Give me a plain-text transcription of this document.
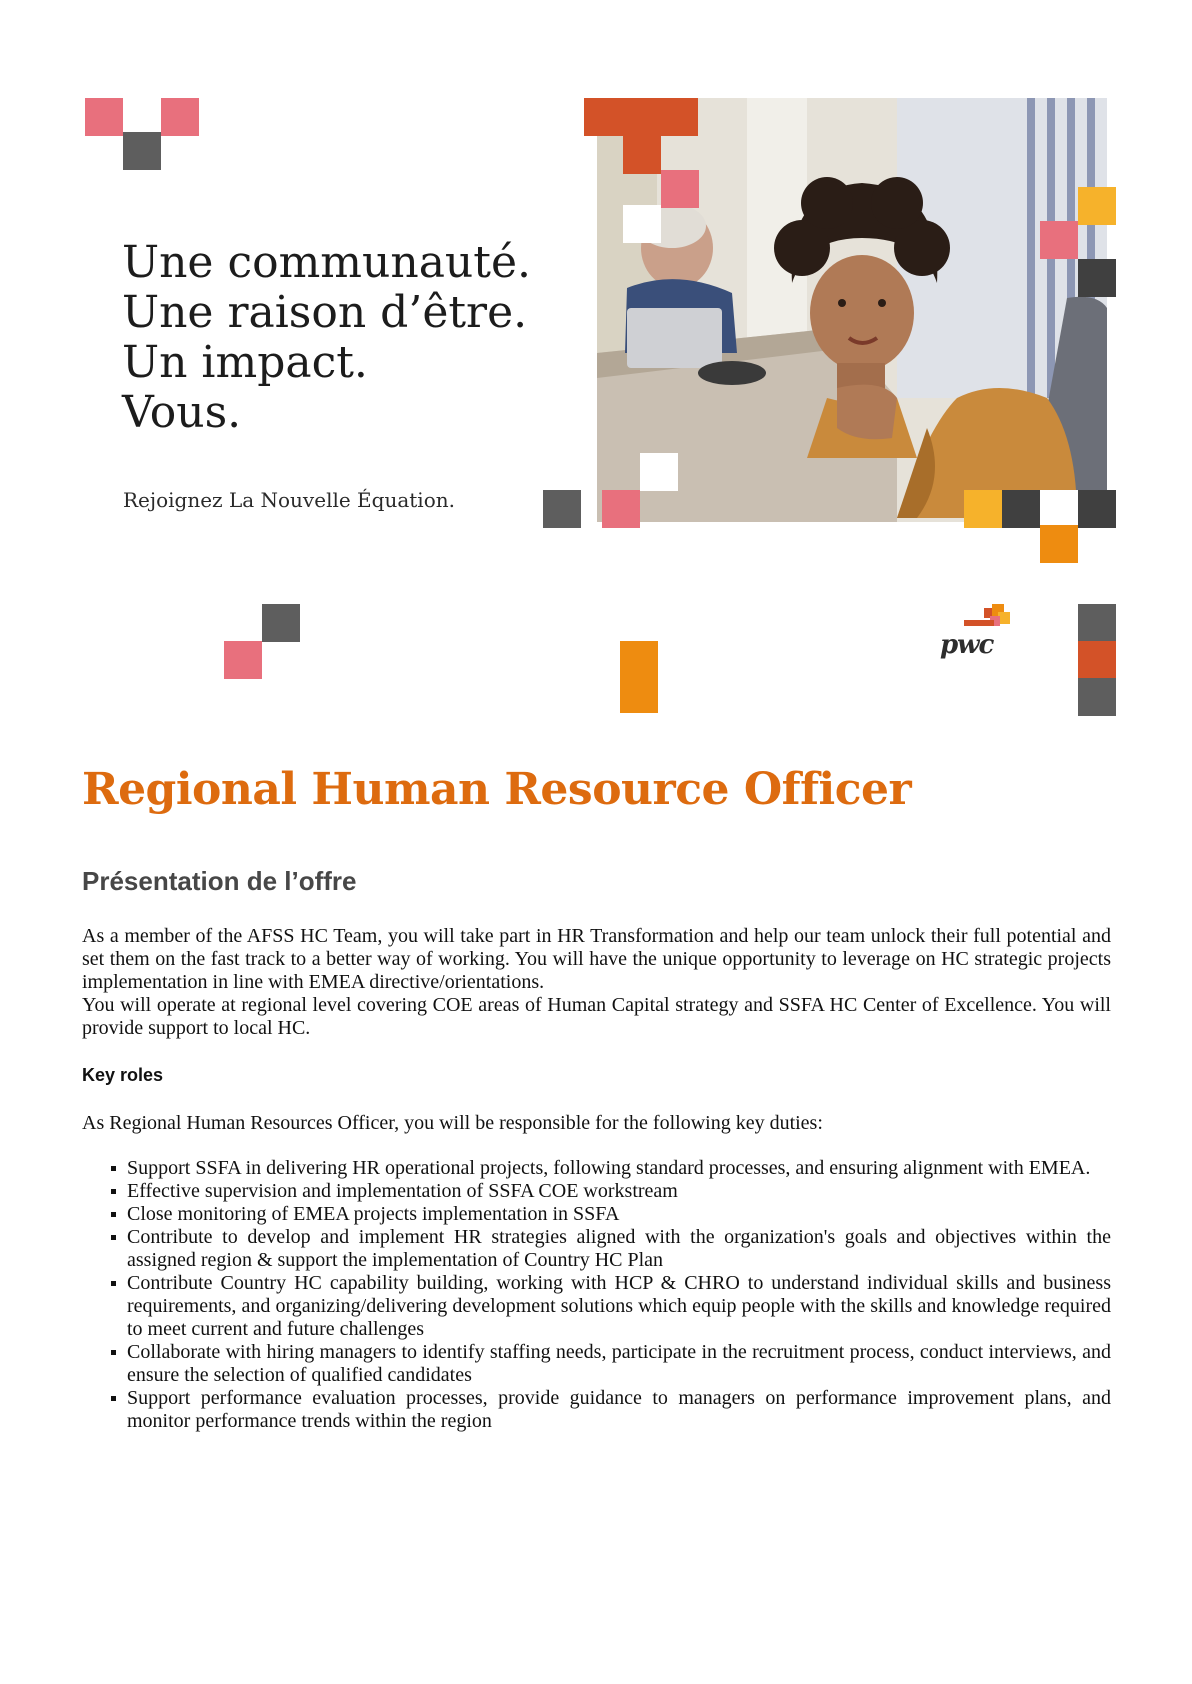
Une communauté.
Une raison d’être.
Un impact.
Vous.
Rejoignez La Nouvelle Équation.
pwc
Regional Human Resource Officer
Présentation de l’offre

As a member of the AFSS HC Team, you will take part in HR Transformation and help our team unlock their full potential and set them on the fast track to a better way of working. You will have the unique opportunity to leverage on HC strategic projects implementation in line with EMEA directive/orientations.

You will operate at regional level covering COE areas of Human Capital strategy and SSFA HC Center of Excellence. You will provide support to local HC.

Key roles
As Regional Human Resources Officer, you will be responsible for the following key duties:
Support SSFA in delivering HR operational projects, following standard processes, and ensuring alignment with EMEA.
Effective supervision and implementation of SSFA COE workstream
Close monitoring of EMEA projects implementation in SSFA
Contribute to develop and implement HR strategies aligned with the organization's goals and objectives within the assigned region & support the implementation of Country HC Plan
Contribute Country HC capability building, working with HCP & CHRO to understand individual skills and business requirements, and organizing/delivering development solutions which equip people with the skills and knowledge required to meet current and future challenges
Collaborate with hiring managers to identify staffing needs, participate in the recruitment process, conduct interviews, and ensure the selection of qualified candidates
Support performance evaluation processes, provide guidance to managers on performance improvement plans, and monitor performance trends within the region
